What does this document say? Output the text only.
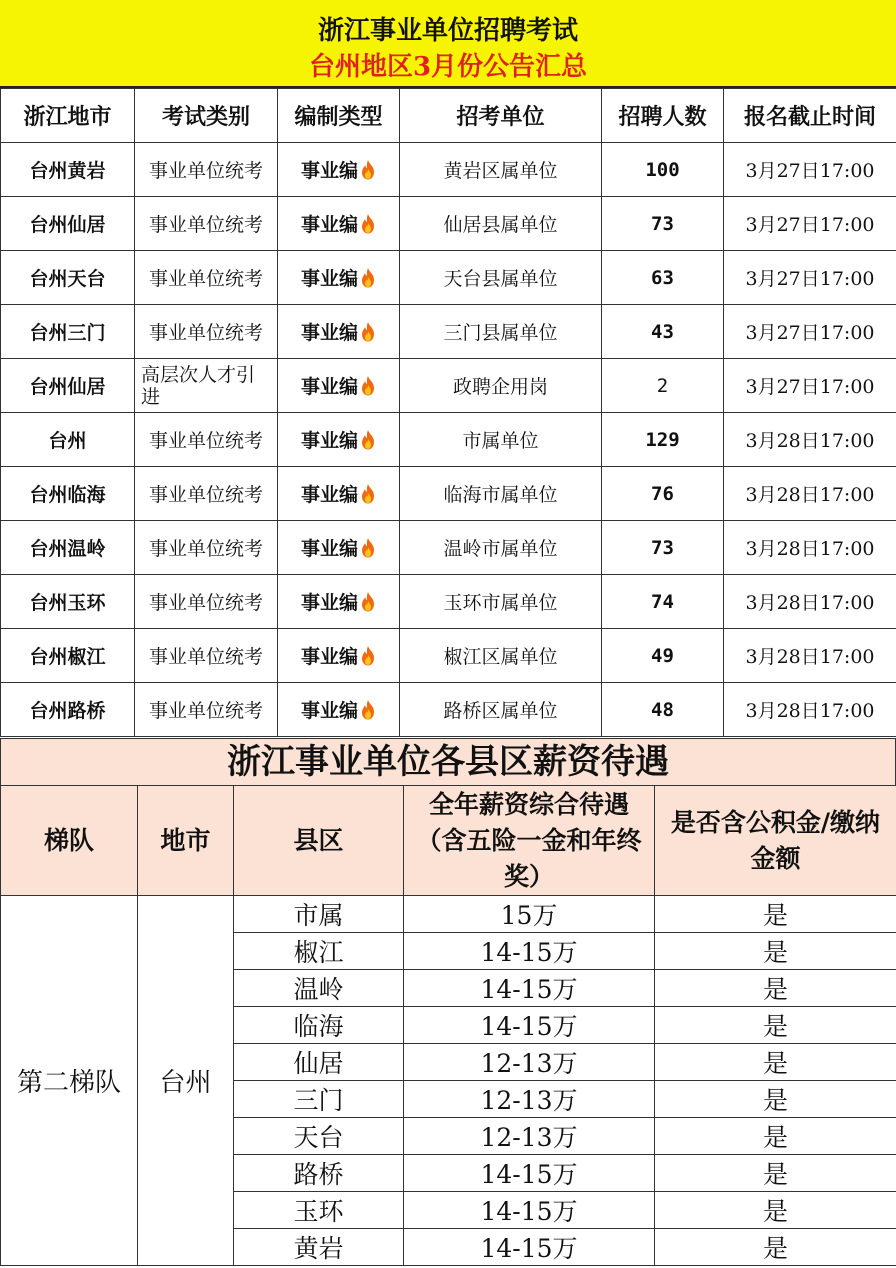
浙江事业单位招聘考试
台州地区3月份公告汇总
浙江地市	考试类别	编制类型	招考单位	招聘人数	报名截止时间
台州黄岩	事业单位统考	事业编	黄岩区属单位	100	3月27日17:00
台州仙居	事业单位统考	事业编	仙居县属单位	73	3月27日17:00
台州天台	事业单位统考	事业编	天台县属单位	63	3月27日17:00
台州三门	事业单位统考	事业编	三门县属单位	43	3月27日17:00
台州仙居	高层次人才引进	事业编	政聘企用岗	2	3月27日17:00
台州	事业单位统考	事业编	市属单位	129	3月28日17:00
台州临海	事业单位统考	事业编	临海市属单位	76	3月28日17:00
台州温岭	事业单位统考	事业编	温岭市属单位	73	3月28日17:00
台州玉环	事业单位统考	事业编	玉环市属单位	74	3月28日17:00
台州椒江	事业单位统考	事业编	椒江区属单位	49	3月28日17:00
台州路桥	事业单位统考	事业编	路桥区属单位	48	3月28日17:00
浙江事业单位各县区薪资待遇
梯队	地市	县区	全年薪资综合待遇（含五险一金和年终奖）	是否含公积金/缴纳金额
第二梯队	台州	市属	15万	是
		椒江	14-15万	是
		温岭	14-15万	是
		临海	14-15万	是
		仙居	12-13万	是
		三门	12-13万	是
		天台	12-13万	是
		路桥	14-15万	是
		玉环	14-15万	是
		黄岩	14-15万	是
